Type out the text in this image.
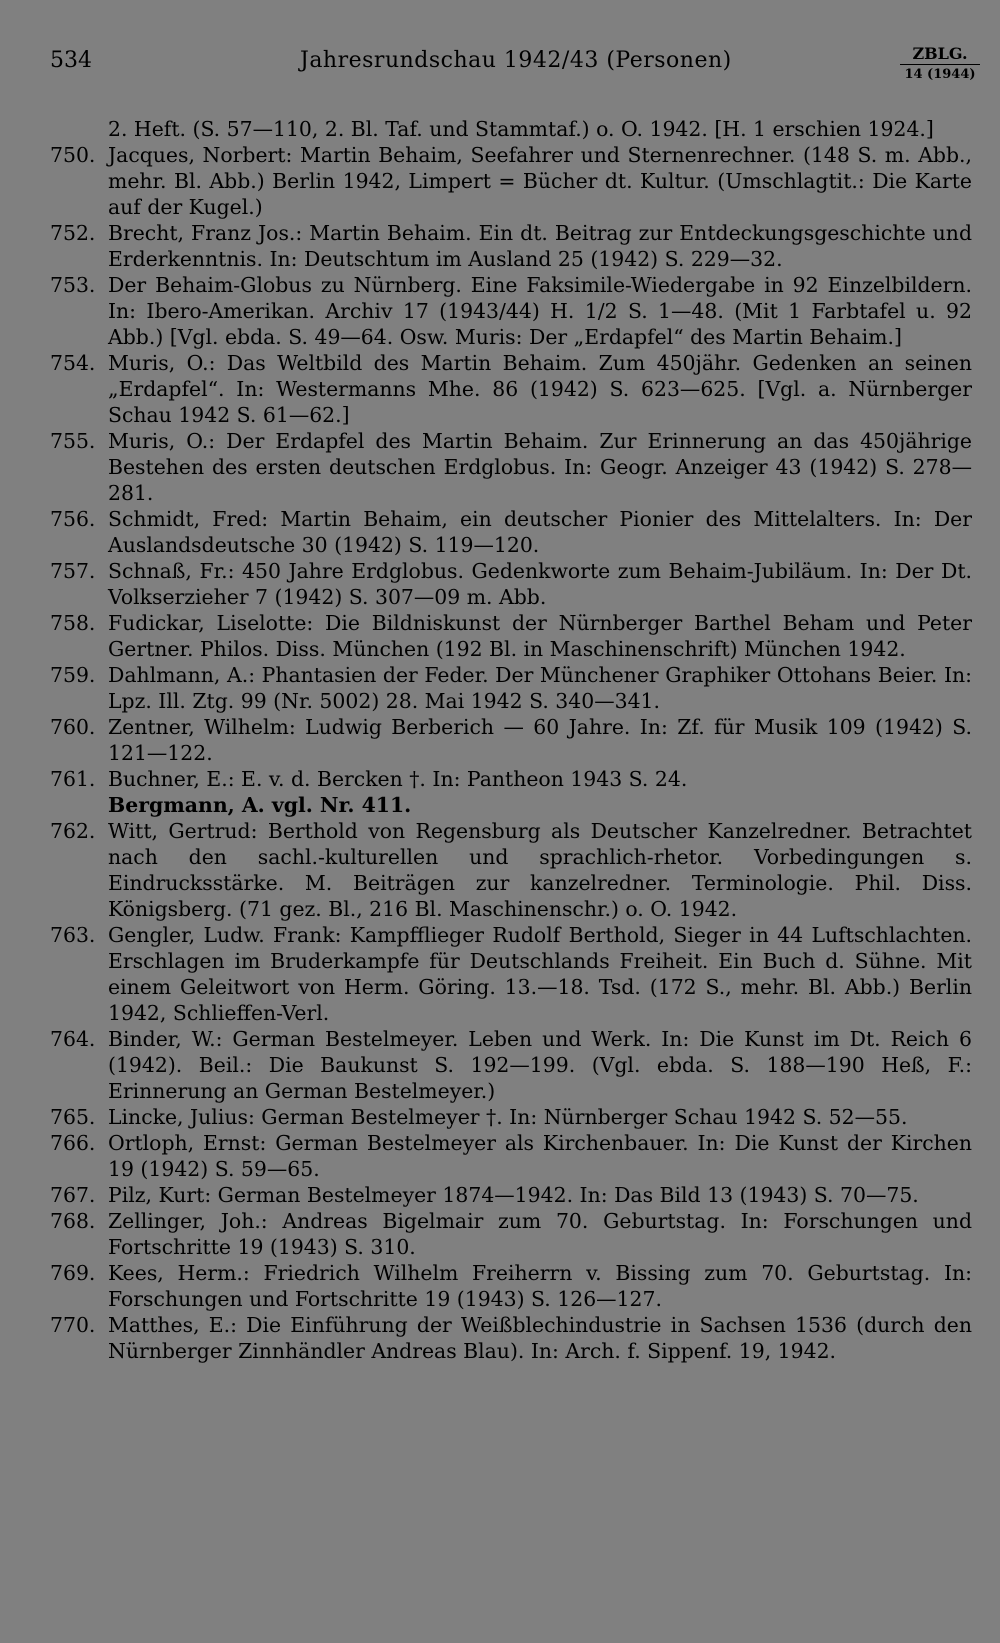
534	Jahresrundschau 1942/43 (Personen)	ZBLG.
14 (1944)
2. Heft. (S. 57—110, 2. Bl. Taf. und Stammtaf.) o. O. 1942. [H. 1 erschien 1924.]
750. Jacques, Norbert: Martin Behaim, Seefahrer und Sternenrechner. (148 S. m. Abb., mehr. Bl. Abb.) Berlin 1942, Limpert = Bücher dt. Kultur. (Umschlagtit.: Die Karte auf der Kugel.)
752. Brecht, Franz Jos.: Martin Behaim. Ein dt. Beitrag zur Entdeckungsgeschichte und Erderkenntnis. In: Deutschtum im Ausland 25 (1942) S. 229—32.
753. Der Behaim-Globus zu Nürnberg. Eine Faksimile-Wiedergabe in 92 Einzelbildern. In: Ibero-Amerikan. Archiv 17 (1943/44) H. 1/2 S. 1—48. (Mit 1 Farbtafel u. 92 Abb.) [Vgl. ebda. S. 49—64. Osw. Muris: Der „Erdapfel“ des Martin Behaim.]
754. Muris, O.: Das Weltbild des Martin Behaim. Zum 450jähr. Gedenken an seinen „Erdapfel“. In: Westermanns Mhe. 86 (1942) S. 623—625. [Vgl. a. Nürnberger Schau 1942 S. 61—62.]
755. Muris, O.: Der Erdapfel des Martin Behaim. Zur Erinnerung an das 450jährige Bestehen des ersten deutschen Erdglobus. In: Geogr. Anzeiger 43 (1942) S. 278—281.
756. Schmidt, Fred: Martin Behaim, ein deutscher Pionier des Mittelalters. In: Der Auslandsdeutsche 30 (1942) S. 119—120.
757. Schnaß, Fr.: 450 Jahre Erdglobus. Gedenkworte zum Behaim-Jubiläum. In: Der Dt. Volkserzieher 7 (1942) S. 307—09 m. Abb.
758. Fudickar, Liselotte: Die Bildniskunst der Nürnberger Barthel Beham und Peter Gertner. Philos. Diss. München (192 Bl. in Maschinenschrift) München 1942.
759. Dahlmann, A.: Phantasien der Feder. Der Münchener Graphiker Ottohans Beier. In: Lpz. Ill. Ztg. 99 (Nr. 5002) 28. Mai 1942 S. 340—341.
760. Zentner, Wilhelm: Ludwig Berberich — 60 Jahre. In: Zf. für Musik 109 (1942) S. 121—122.
761. Buchner, E.: E. v. d. Bercken †. In: Pantheon 1943 S. 24.
Bergmann, A. vgl. Nr. 411.
762. Witt, Gertrud: Berthold von Regensburg als Deutscher Kanzelredner. Betrachtet nach den sachl.-kulturellen und sprachlich-rhetor. Vorbedingungen s. Eindrucksstärke. M. Beiträgen zur kanzelredner. Terminologie. Phil. Diss. Königsberg. (71 gez. Bl., 216 Bl. Maschinenschr.) o. O. 1942.
763. Gengler, Ludw. Frank: Kampfflieger Rudolf Berthold, Sieger in 44 Luftschlachten. Erschlagen im Bruderkampfe für Deutschlands Freiheit. Ein Buch d. Sühne. Mit einem Geleitwort von Herm. Göring. 13.—18. Tsd. (172 S., mehr. Bl. Abb.) Berlin 1942, Schlieffen-Verl.
764. Binder, W.: German Bestelmeyer. Leben und Werk. In: Die Kunst im Dt. Reich 6 (1942). Beil.: Die Baukunst S. 192—199. (Vgl. ebda. S. 188—190 Heß, F.: Erinnerung an German Bestelmeyer.)
765. Lincke, Julius: German Bestelmeyer †. In: Nürnberger Schau 1942 S. 52—55.
766. Ortloph, Ernst: German Bestelmeyer als Kirchenbauer. In: Die Kunst der Kirchen 19 (1942) S. 59—65.
767. Pilz, Kurt: German Bestelmeyer 1874—1942. In: Das Bild 13 (1943) S. 70—75.
768. Zellinger, Joh.: Andreas Bigelmair zum 70. Geburtstag. In: Forschungen und Fortschritte 19 (1943) S. 310.
769. Kees, Herm.: Friedrich Wilhelm Freiherrn v. Bissing zum 70. Geburtstag. In: Forschungen und Fortschritte 19 (1943) S. 126—127.
770. Matthes, E.: Die Einführung der Weißblechindustrie in Sachsen 1536 (durch den Nürnberger Zinnhändler Andreas Blau). In: Arch. f. Sippenf. 19, 1942.
